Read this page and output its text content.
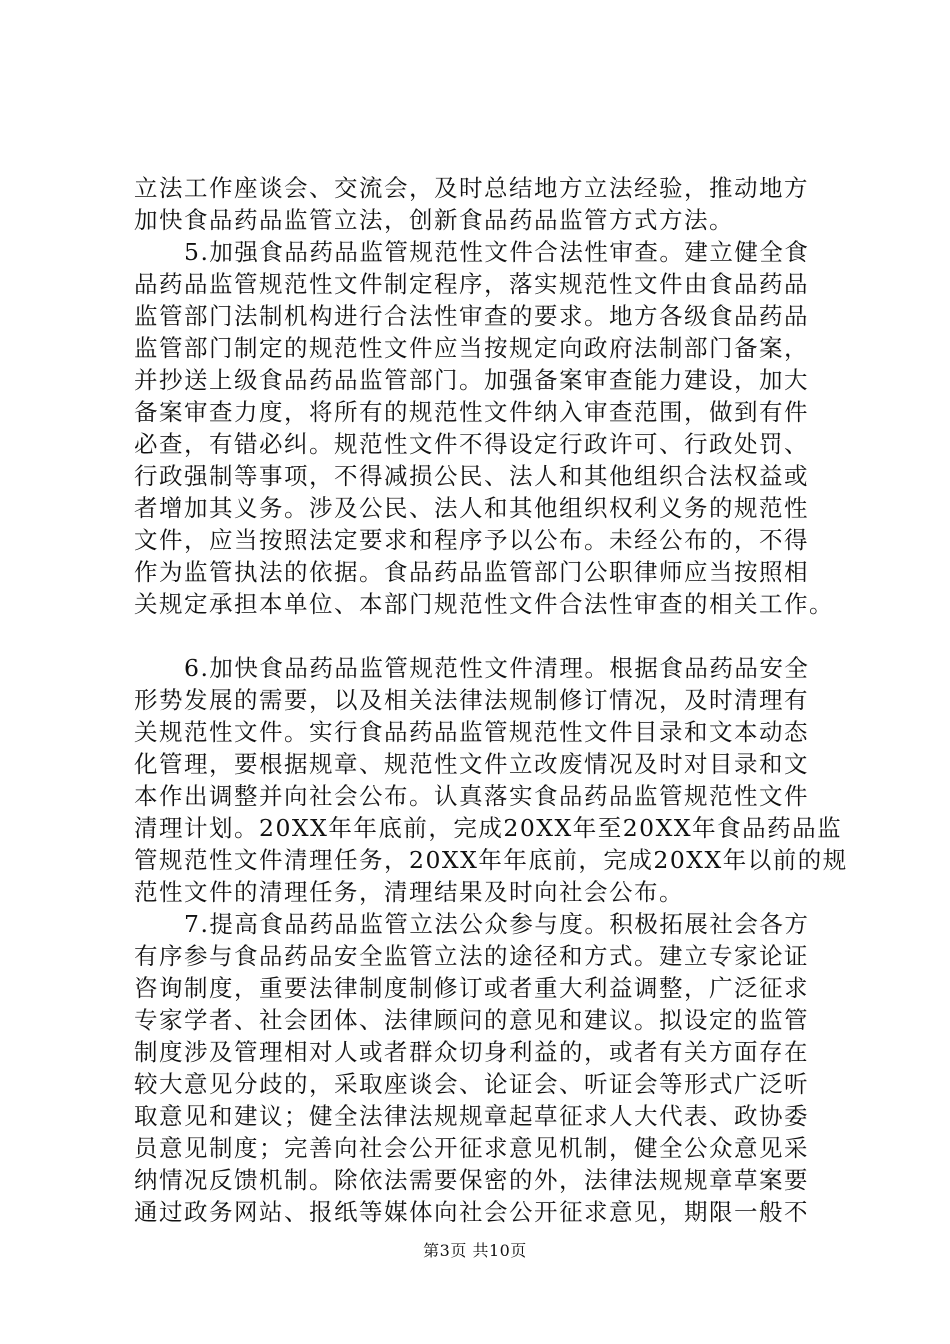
立法工作座谈会、交流会，及时总结地方立法经验，推动地方
加快食品药品监管立法，创新食品药品监管方式方法。
　　5.加强食品药品监管规范性文件合法性审查。建立健全食
品药品监管规范性文件制定程序，落实规范性文件由食品药品
监管部门法制机构进行合法性审查的要求。地方各级食品药品
监管部门制定的规范性文件应当按规定向政府法制部门备案，
并抄送上级食品药品监管部门。加强备案审查能力建设，加大
备案审查力度，将所有的规范性文件纳入审查范围，做到有件
必查，有错必纠。规范性文件不得设定行政许可、行政处罚、
行政强制等事项，不得减损公民、法人和其他组织合法权益或
者增加其义务。涉及公民、法人和其他组织权利义务的规范性
文件，应当按照法定要求和程序予以公布。未经公布的，不得
作为监管执法的依据。食品药品监管部门公职律师应当按照相
关规定承担本单位、本部门规范性文件合法性审查的相关工作。
　　6.加快食品药品监管规范性文件清理。根据食品药品安全
形势发展的需要，以及相关法律法规制修订情况，及时清理有
关规范性文件。实行食品药品监管规范性文件目录和文本动态
化管理，要根据规章、规范性文件立改废情况及时对目录和文
本作出调整并向社会公布。认真落实食品药品监管规范性文件
清理计划。20XX年年底前，完成20XX年至20XX年食品药品监
管规范性文件清理任务，20XX年年底前，完成20XX年以前的规
范性文件的清理任务，清理结果及时向社会公布。
　　7.提高食品药品监管立法公众参与度。积极拓展社会各方
有序参与食品药品安全监管立法的途径和方式。建立专家论证
咨询制度，重要法律制度制修订或者重大利益调整，广泛征求
专家学者、社会团体、法律顾问的意见和建议。拟设定的监管
制度涉及管理相对人或者群众切身利益的，或者有关方面存在
较大意见分歧的，采取座谈会、论证会、听证会等形式广泛听
取意见和建议；健全法律法规规章起草征求人大代表、政协委
员意见制度；完善向社会公开征求意见机制，健全公众意见采
纳情况反馈机制。除依法需要保密的外，法律法规规章草案要
通过政务网站、报纸等媒体向社会公开征求意见，期限一般不
第3页 共10页
